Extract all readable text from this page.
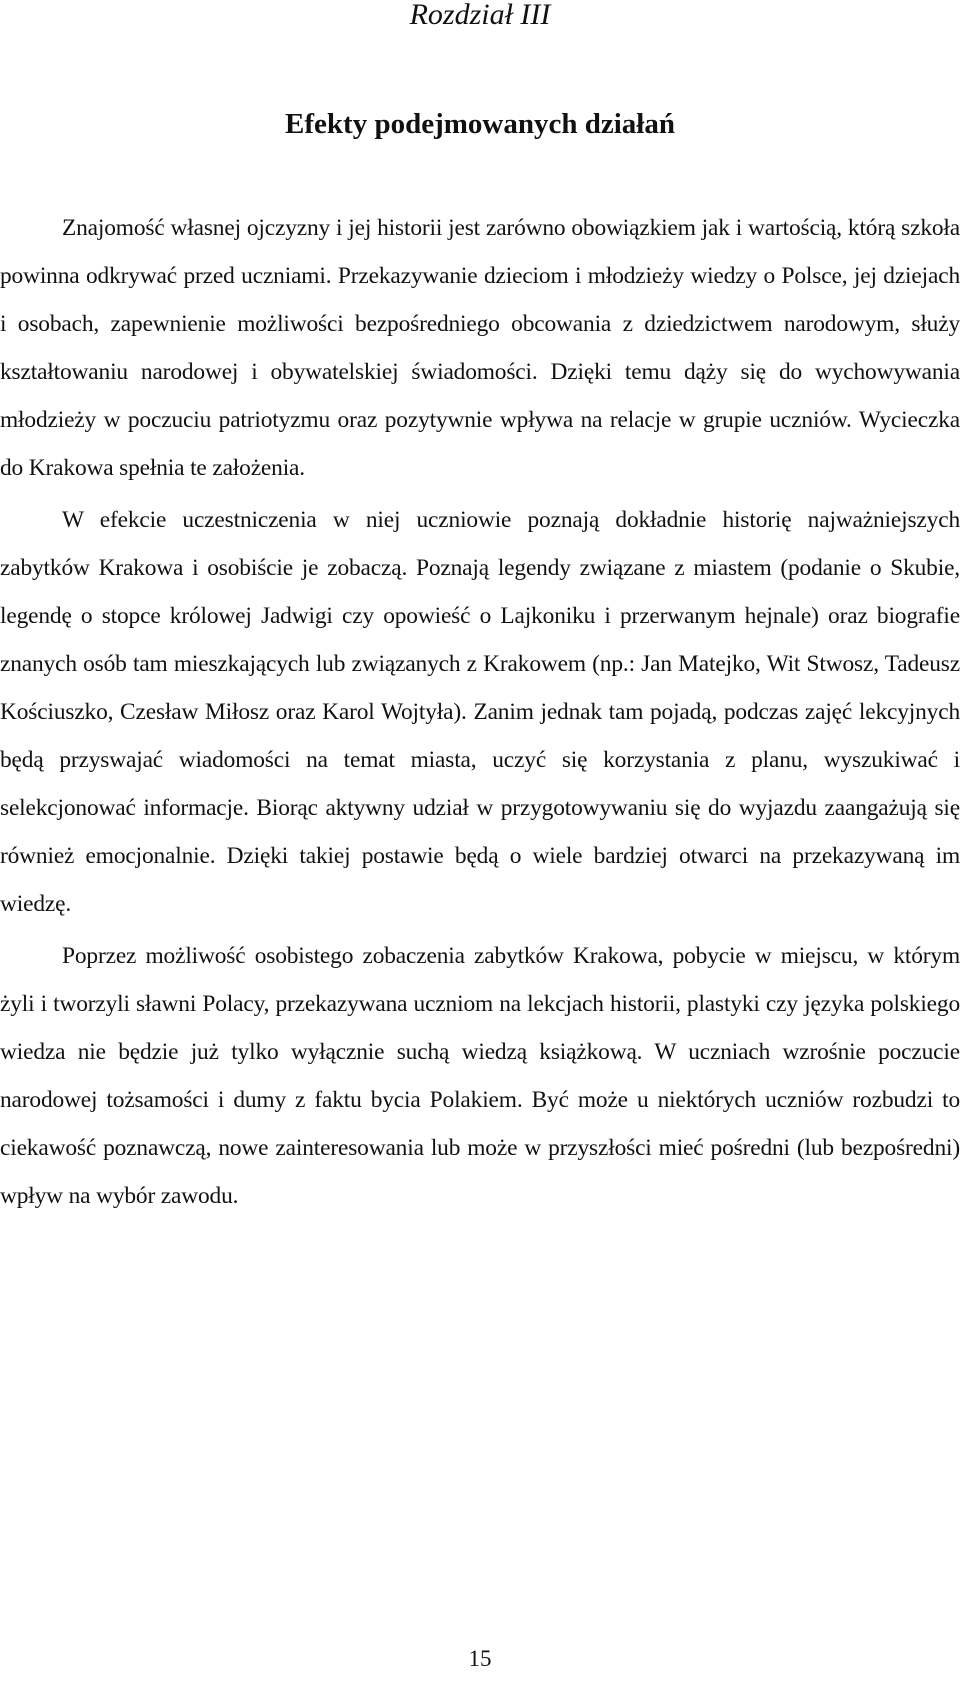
Rozdział III
Efekty podejmowanych działań

Znajomość własnej ojczyzny i jej historii jest zarówno obowiązkiem jak i wartością, którą szkoła powinna odkrywać przed uczniami. Przekazywanie dzieciom i młodzieży wiedzy o Polsce, jej dziejach i osobach, zapewnienie możliwości bezpośredniego obcowania z dziedzictwem narodowym, służy kształtowaniu narodowej i obywatelskiej świadomości. Dzięki temu dąży się do wychowywania młodzieży w poczuciu patriotyzmu oraz pozytywnie wpływa na relacje w grupie uczniów. Wycieczka do Krakowa spełnia te założenia.

W efekcie uczestniczenia w niej uczniowie poznają dokładnie historię najważniejszych zabytków Krakowa i osobiście je zobaczą. Poznają legendy związane z miastem (podanie o Skubie, legendę o stopce królowej Jadwigi czy opowieść o Lajkoniku i przerwanym hejnale) oraz biografie znanych osób tam mieszkających lub związanych z Krakowem (np.: Jan Matejko, Wit Stwosz, Tadeusz Kościuszko, Czesław Miłosz oraz Karol Wojtyła). Zanim jednak tam pojadą, podczas zajęć lekcyjnych będą przyswajać wiadomości na temat miasta, uczyć się korzystania z planu, wyszukiwać i selekcjonować informacje. Biorąc aktywny udział w przygotowywaniu się do wyjazdu zaangażują się również emocjonalnie. Dzięki takiej postawie będą o wiele bardziej otwarci na przekazywaną im wiedzę.

Poprzez możliwość osobistego zobaczenia zabytków Krakowa, pobycie w miejscu, w którym żyli i tworzyli sławni Polacy, przekazywana uczniom na lekcjach historii, plastyki czy języka polskiego wiedza nie będzie już tylko wyłącznie suchą wiedzą książkową. W uczniach wzrośnie poczucie narodowej tożsamości i dumy z faktu bycia Polakiem. Być może u niektórych uczniów rozbudzi to ciekawość poznawczą, nowe zainteresowania lub może w przyszłości mieć pośredni (lub bezpośredni) wpływ na wybór zawodu.

15
